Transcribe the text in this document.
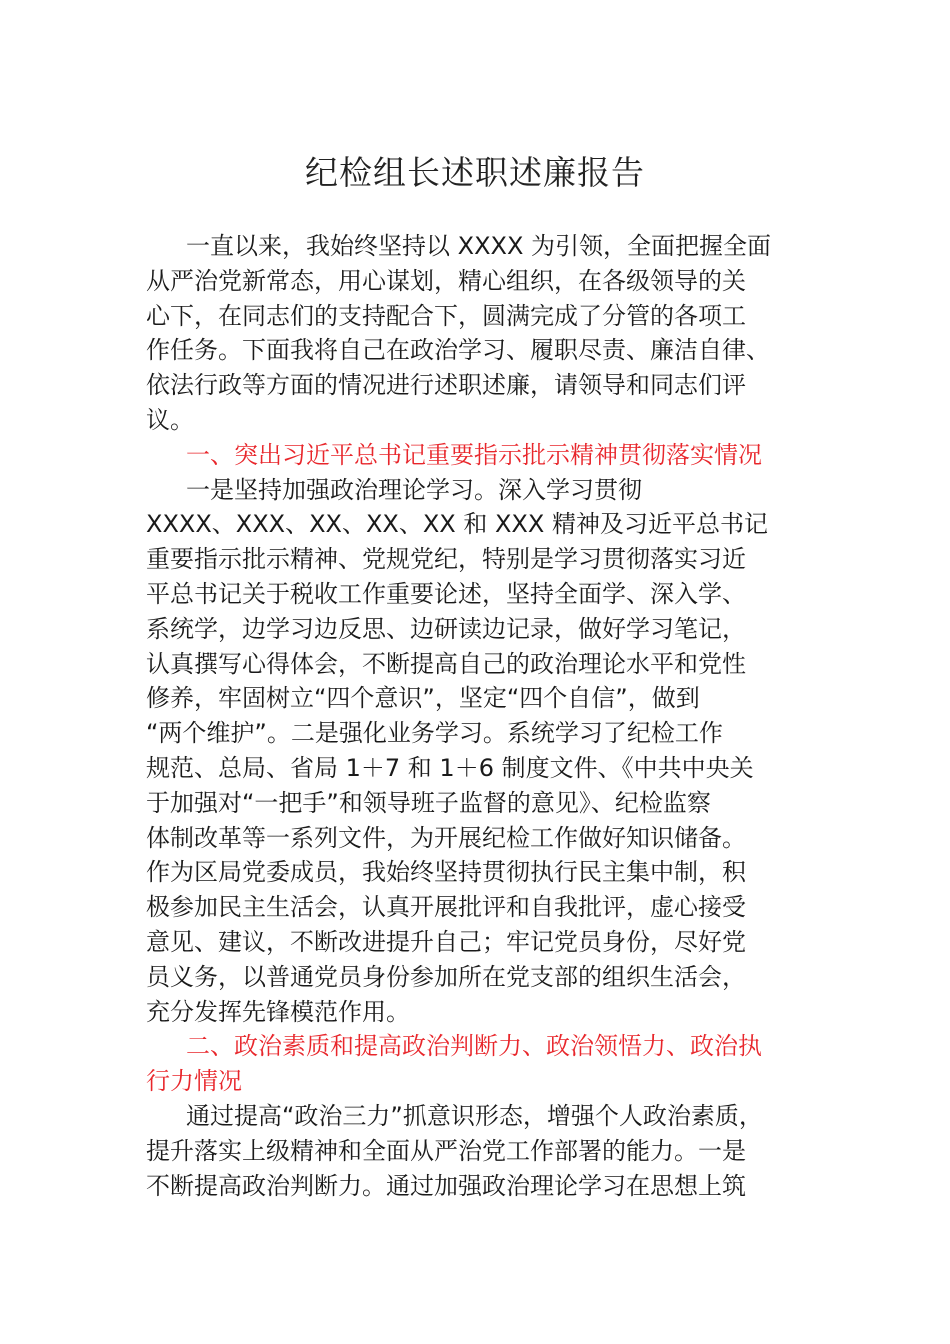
纪检组长述职述廉报告
一直以来，我始终坚持以 XXXX 为引领，全面把握全面
从严治党新常态，用心谋划，精心组织，在各级领导的关
心下，在同志们的支持配合下，圆满完成了分管的各项工
作任务。下面我将自己在政治学习、履职尽责、廉洁自律、
依法行政等方面的情况进行述职述廉，请领导和同志们评
议。
一、突出习近平总书记重要指示批示精神贯彻落实情况
一是坚持加强政治理论学习。深入学习贯彻
XXXX、XXX、XX、XX、XX 和 XXX 精神及习近平总书记
重要指示批示精神、党规党纪，特别是学习贯彻落实习近
平总书记关于税收工作重要论述，坚持全面学、深入学、
系统学，边学习边反思、边研读边记录，做好学习笔记，
认真撰写心得体会，不断提高自己的政治理论水平和党性
修养，牢固树立“四个意识”，坚定“四个自信”，做到
“两个维护”。二是强化业务学习。系统学习了纪检工作
规范、总局、省局 1＋7 和 1＋6 制度文件、《中共中央关
于加强对“一把手”和领导班子监督的意见》、纪检监察
体制改革等一系列文件，为开展纪检工作做好知识储备。
作为区局党委成员，我始终坚持贯彻执行民主集中制，积
极参加民主生活会，认真开展批评和自我批评，虚心接受
意见、建议，不断改进提升自己；牢记党员身份，尽好党
员义务，以普通党员身份参加所在党支部的组织生活会，
充分发挥先锋模范作用。
二、政治素质和提高政治判断力、政治领悟力、政治执
行力情况
通过提高“政治三力”抓意识形态，增强个人政治素质，
提升落实上级精神和全面从严治党工作部署的能力。一是
不断提高政治判断力。通过加强政治理论学习在思想上筑
